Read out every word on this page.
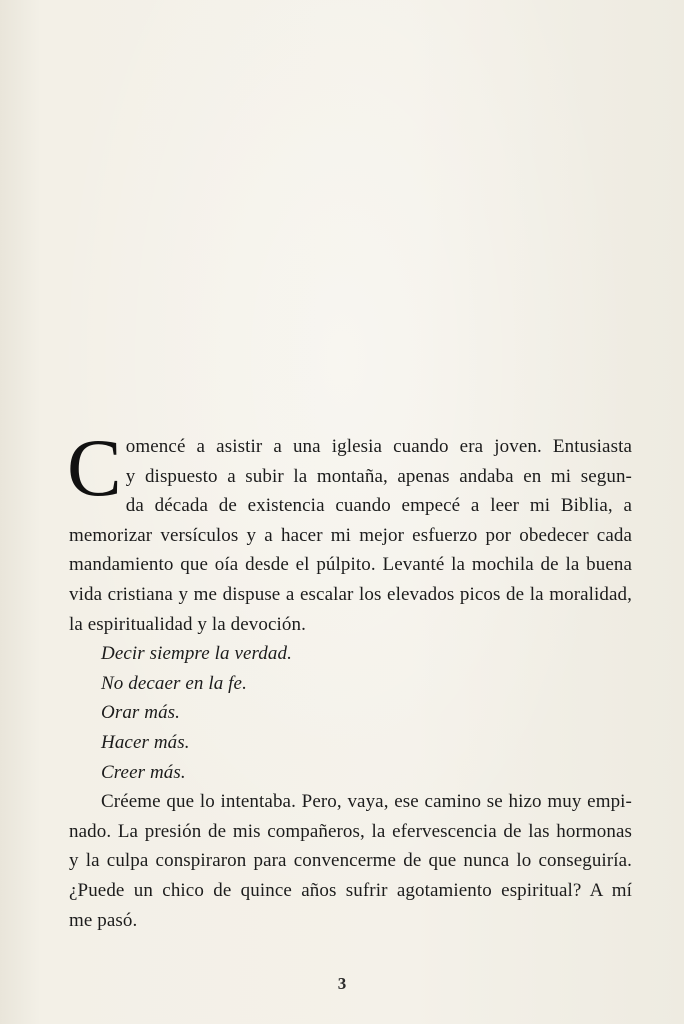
C omencé a asistir a una iglesia cuando era joven. Entusiasta
y dispuesto a subir la montaña, apenas andaba en mi segun-
da década de existencia cuando empecé a leer mi Biblia, a
memorizar versículos y a hacer mi mejor esfuerzo por obedecer cada
mandamiento que oía desde el púlpito. Levanté la mochila de la buena
vida cristiana y me dispuse a escalar los elevados picos de la moralidad,
la espiritualidad y la devoción.
Decir siempre la verdad.
No decaer en la fe.
Orar más.
Hacer más.
Creer más.
Créeme que lo intentaba. Pero, vaya, ese camino se hizo muy empi-
nado. La presión de mis compañeros, la efervescencia de las hormonas
y la culpa conspiraron para convencerme de que nunca lo conseguiría.
¿Puede un chico de quince años sufrir agotamiento espiritual? A mí
me pasó.
3
